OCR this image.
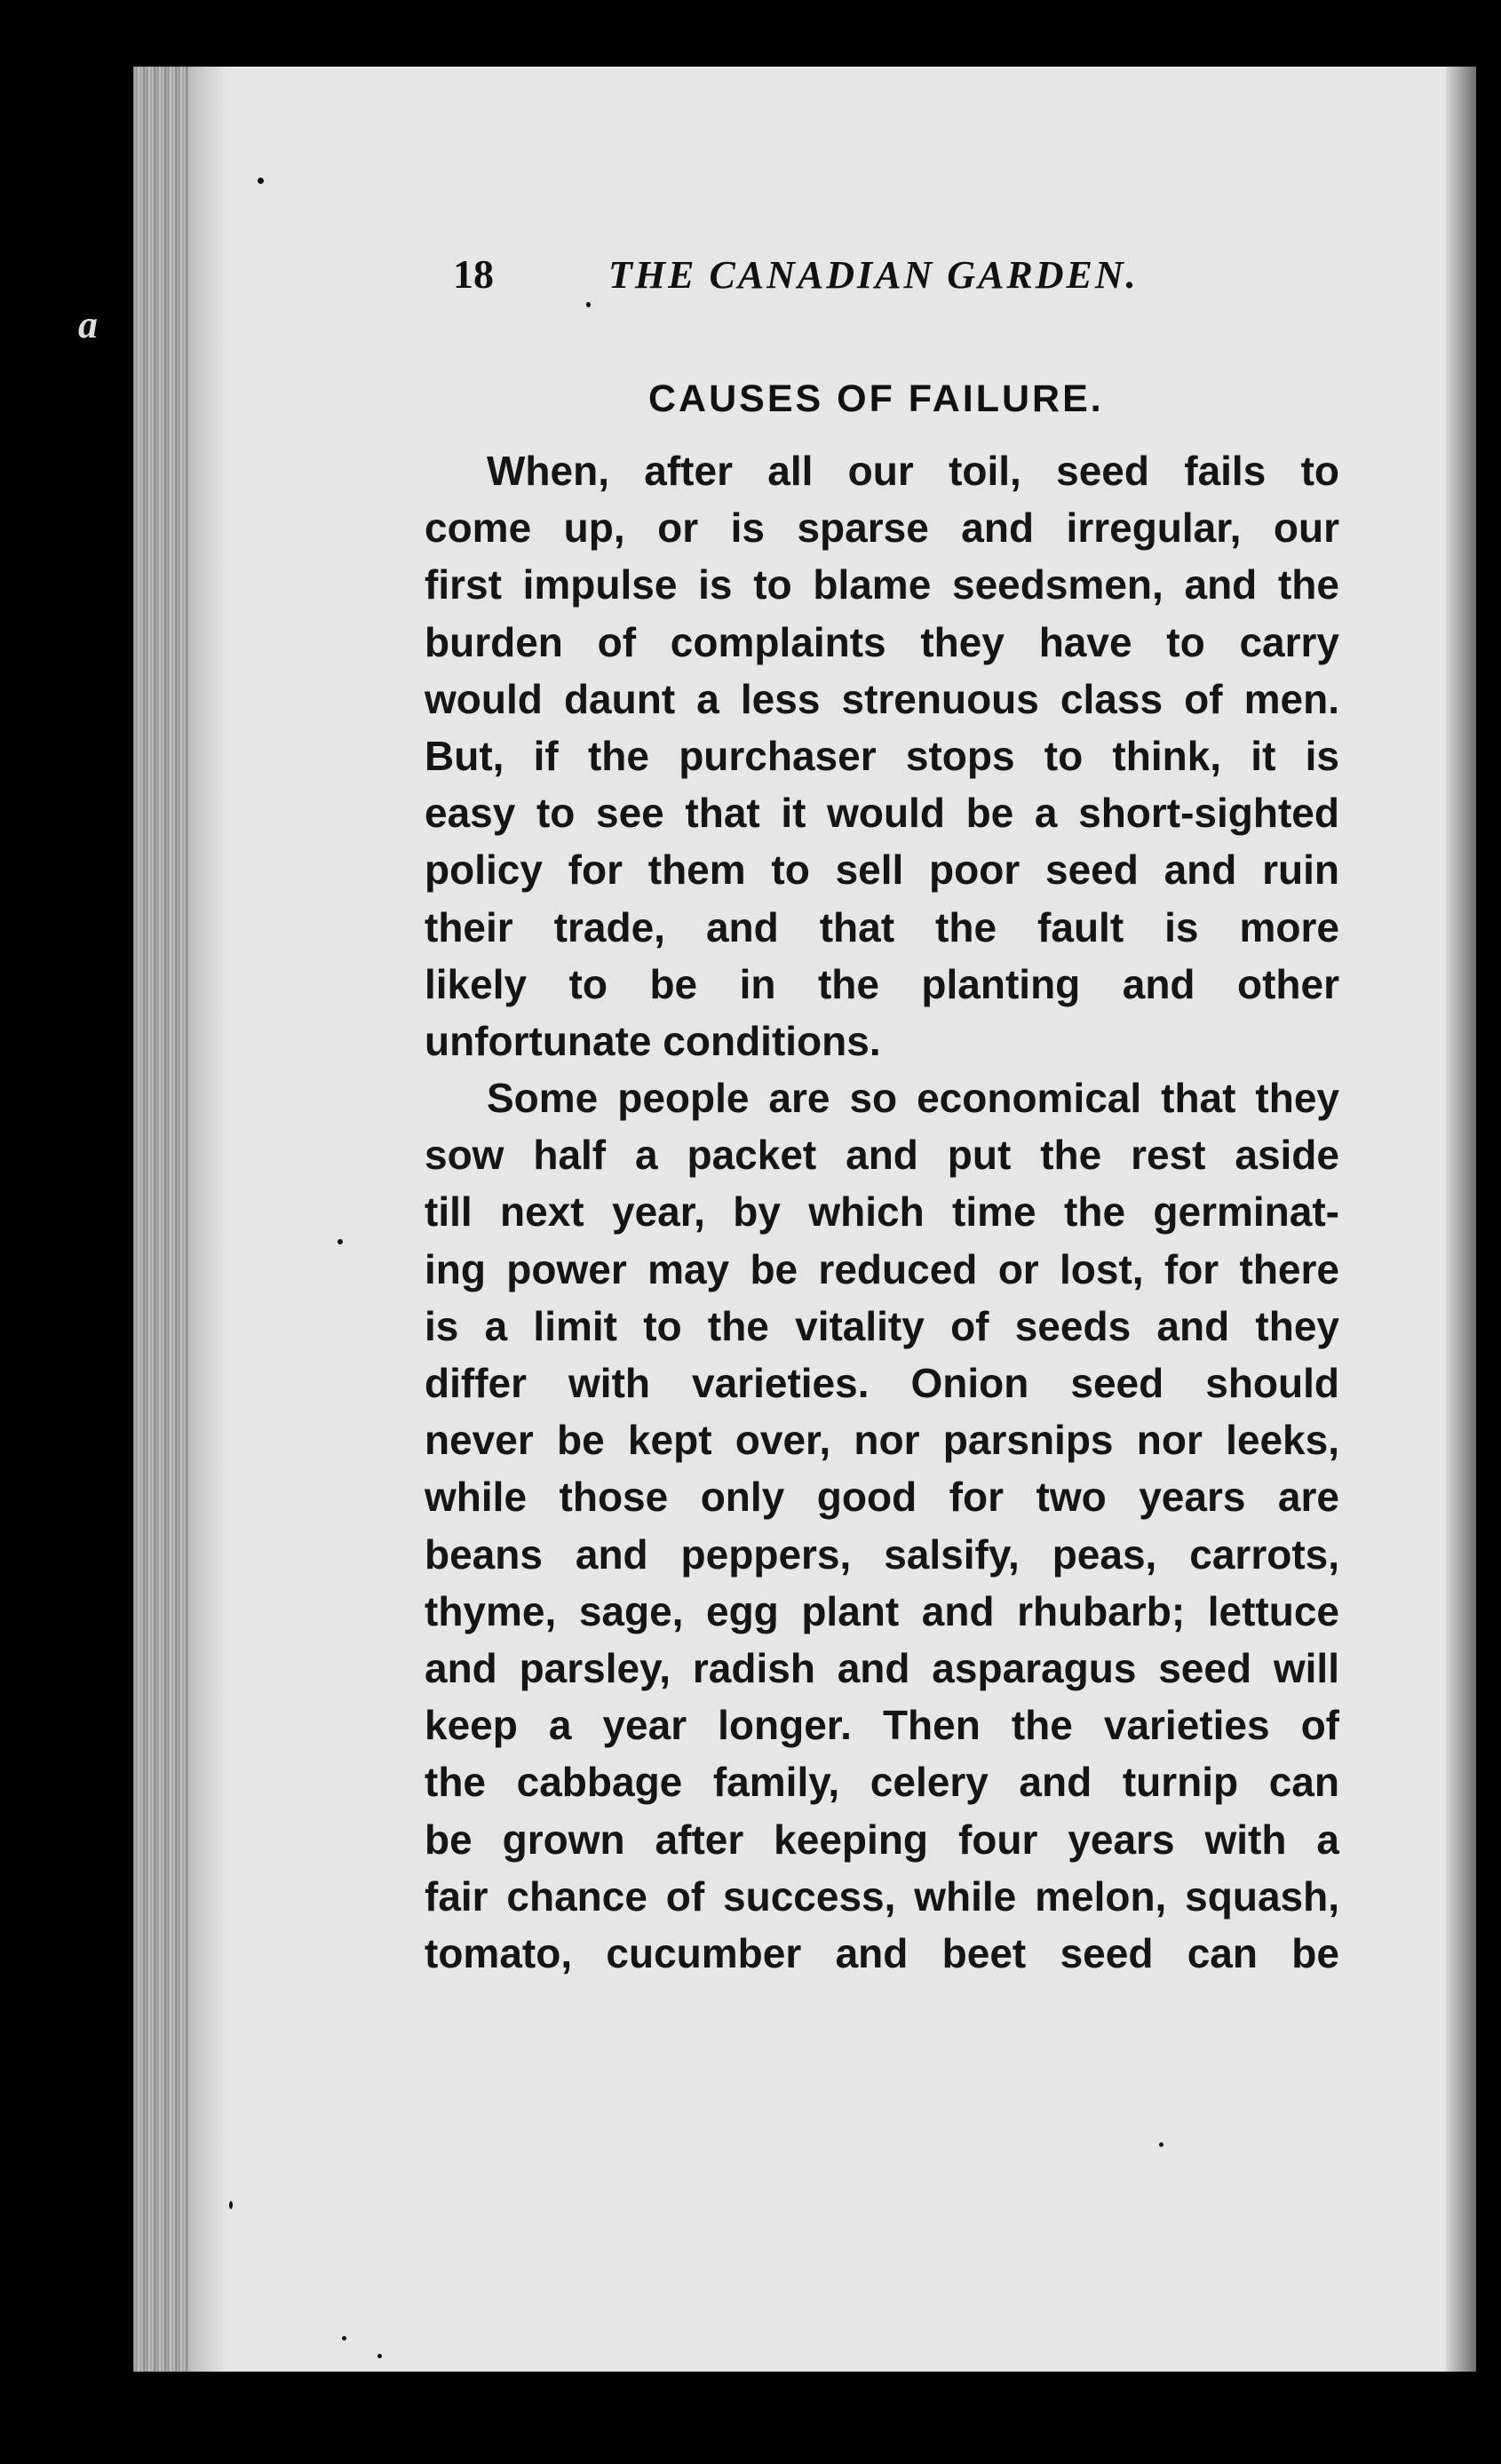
a
18	THE CANADIAN GARDEN.
CAUSES OF FAILURE.
When, after all our toil, seed fails to
come up, or is sparse and irregular, our
first impulse is to blame seedsmen, and the
burden of complaints they have to carry
would daunt a less strenuous class of men.
But, if the purchaser stops to think, it is
easy to see that it would be a short-sighted
policy for them to sell poor seed and ruin
their trade, and that the fault is more
likely to be in the planting and other
unfortunate conditions.
Some people are so economical that they
sow half a packet and put the rest aside
till next year, by which time the germinat-
ing power may be reduced or lost, for there
is a limit to the vitality of seeds and they
differ with varieties. Onion seed should
never be kept over, nor parsnips nor leeks,
while those only good for two years are
beans and peppers, salsify, peas, carrots,
thyme, sage, egg plant and rhubarb; lettuce
and parsley, radish and asparagus seed will
keep a year longer. Then the varieties of
the cabbage family, celery and turnip can
be grown after keeping four years with a
fair chance of success, while melon, squash,
tomato, cucumber and beet seed can be
